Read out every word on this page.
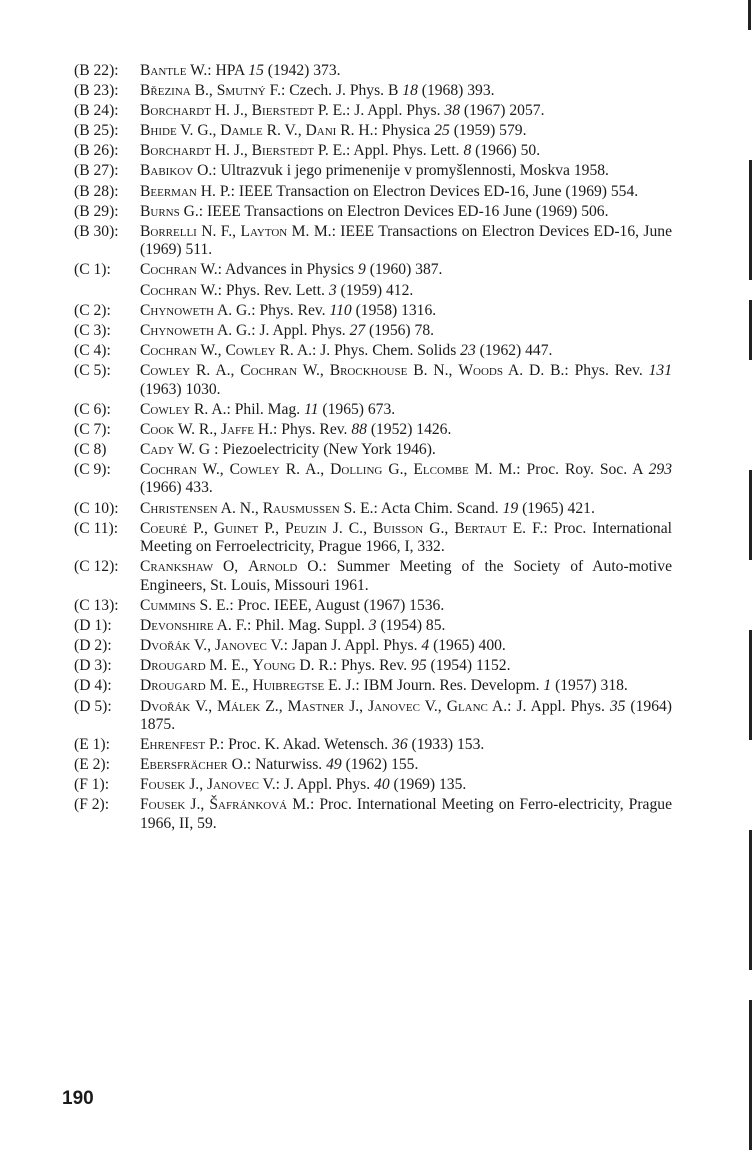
(B 22):	Bantle W.: HPA 15 (1942) 373.
(B 23):	Březina B., Smutný F.: Czech. J. Phys. B 18 (1968) 393.
(B 24):	Borchardt H. J., Bierstedt P. E.: J. Appl. Phys. 38 (1967) 2057.
(B 25):	Bhide V. G., Damle R. V., Dani R. H.: Physica 25 (1959) 579.
(B 26):	Borchardt H. J., Bierstedt P. E.: Appl. Phys. Lett. 8 (1966) 50.
(B 27):	Babikov O.: Ultrazvuk i jego primenenije v promyšlennosti, Moskva 1958.
(B 28):	Beerman H. P.: IEEE Transaction on Electron Devices ED-16, June (1969) 554.
(B 29):	Burns G.: IEEE Transactions on Electron Devices ED-16 June (1969) 506.
(B 30):	Borrelli N. F., Layton M. M.: IEEE Transactions on Electron Devices ED-16, June (1969) 511.
(C 1):	Cochran W.: Advances in Physics 9 (1960) 387.
Cochran W.: Phys. Rev. Lett. 3 (1959) 412.
(C 2):	Chynoweth A. G.: Phys. Rev. 110 (1958) 1316.
(C 3):	Chynoweth A. G.: J. Appl. Phys. 27 (1956) 78.
(C 4):	Cochran W., Cowley R. A.: J. Phys. Chem. Solids 23 (1962) 447.
(C 5):	Cowley R. A., Cochran W., Brockhouse B. N., Woods A. D. B.: Phys. Rev. 131 (1963) 1030.
(C 6):	Cowley R. A.: Phil. Mag. 11 (1965) 673.
(C 7):	Cook W. R., Jaffe H.: Phys. Rev. 88 (1952) 1426.
(C 8)	Cady W. G : Piezoelectricity (New York 1946).
(C 9):	Cochran W., Cowley R. A., Dolling G., Elcombe M. M.: Proc. Roy. Soc. A 293 (1966) 433.
(C 10):	Christensen A. N., Rausmussen S. E.: Acta Chim. Scand. 19 (1965) 421.
(C 11):	Coeuré P., Guinet P., Peuzin J. C., Buisson G., Bertaut E. F.: Proc. International Meeting on Ferroelectricity, Prague 1966, I, 332.
(C 12):	Crankshaw O, Arnold O.: Summer Meeting of the Society of Auto-motive Engineers, St. Louis, Missouri 1961.
(C 13):	Cummins S. E.: Proc. IEEE, August (1967) 1536.
(D 1):	Devonshire A. F.: Phil. Mag. Suppl. 3 (1954) 85.
(D 2):	Dvořák V., Janovec V.: Japan J. Appl. Phys. 4 (1965) 400.
(D 3):	Drougard M. E., Young D. R.: Phys. Rev. 95 (1954) 1152.
(D 4):	Drougard M. E., Huibregtse E. J.: IBM Journ. Res. Developm. 1 (1957) 318.
(D 5):	Dvořák V., Málek Z., Mastner J., Janovec V., Glanc A.: J. Appl. Phys. 35 (1964) 1875.
(E 1):	Ehrenfest P.: Proc. K. Akad. Wetensch. 36 (1933) 153.
(E 2):	Ebersfrächer O.: Naturwiss. 49 (1962) 155.
(F 1):	Fousek J., Janovec V.: J. Appl. Phys. 40 (1969) 135.
(F 2):	Fousek J., Šafránková M.: Proc. International Meeting on Ferro-electricity, Prague 1966, II, 59.
190
